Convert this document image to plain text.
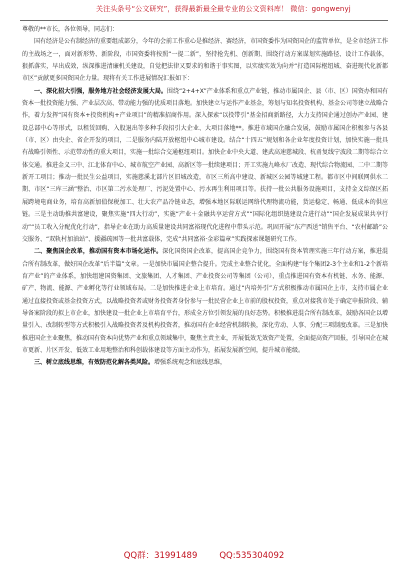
关注头条号“公文研究”，获得最新最全最专业的公文资料库！ 微信：gongwenyj

尊敬的**市长，各位领导，同志们：

国有经济是公有制经济的重要组成部分，今年的会前工作重心是推经济、赛经济，市国资委作为国资国企的监管单位，是全市经济工作的主战场之一，面对新形势、新阶段，市国资委将按照“一提二新”，坚持抢先机、创新期、围绕行动方案谋划实施路径、设计工作载体，狠抓落实，早出成效，纵深推进清廉机关建设，自觉把法律又要求的和谐于事实图，以实绩实效为向并“打造国际枢纽城、奋进现代化新都市区”贡献更多国资国企力量。现将有关工作进展情况汇报如下：

一、深化招大引强，服务地方社会经济发展大局。围绕“2+4+X”产业体系和重点产业链，推动市属国企、县（市、区）国资办和国有资本一批投资能力强、产业层次高、带动能力强的优质项目落地。加快建立与运作产业基金，筹划与知名投资机构、基金公司等建立战略合作，着力发挥“国有资本+投资机构+产业项目”的精准招商作用。深入探索“以投带引”基金招商新路径，大力支持国企通过创办产业园、建设总部中心等形式，以租赁回购、入股退出等多种手段招引大企业、大项目落地**。推进市域国企融合发展，鼓励市属国企积极参与各县（市、区）由央企、省企开发的项目，二是服务内陆开放枢纽中心城市建设。结合“十四五”规划和各企业年度投资计划，加快实施一批具有战略引领性、示范带动性的重大项目，实施一批综合交通枢纽项目。加快企业中央大道、建武高速慈城段、杭甬复线宁波段二期等综合立体交通。推进金义三中、江北体育中心、城市航空产业园、高新区等一批续建项目；开工实施九峰水厂改造、现代综合物流园、二中二期等新开工项目；推动一批民生公益项目，实施慈溪北部片区旧城改造，市区三所高中建设、新城区公园等城建工程。都市区中间联网供水二期、市区“三库三涵”整治、市区第二污水处理厂、污泥处置中心、污水再生利用项目等。扶持一批公共服务设施项目，支持金义综保区拓展跨境电商业务，培育高新加值保税加工、壮大农产品冷链业态，增强本地区际联运网络代理物流功能，货运稳定、畅通、低成本的供应链。三是主动助推共富建设，聚焦实施“四大行动”，实施“产业＋金融共享运营方式”“国际化组织链建设合进行动”“国企发展成果共享行动”“员工收入分配优化行动”，指导企业在助力高质量建设共同富裕现代化进程中带头示范。巩固开展“东产西送”销售平台、“农村邮路”公交服务、“双轨村加油站”、援疆疏困等一批共富载体，完成“共同富裕·金彩篇章”实践探索课题研究工作。

二、聚焦国企改革，推动国有资本市场化运作。深化国资国企改革，提高国企竞争力，围绕国有资本管理实施三年行动方案，推进混合所有制改革，做好国企改革“后半篇”文章。一是加快市属国企整合提升。完成主业整合优化，全面构建“每个集团2-3个主业和1-2个新培育产业”的产业体系，加快组建国资集团、文旅集团、人才集团、产业投资公司等集团（公司），重点推进国有资本有机链、水务、能源、矿产、物流、能源、产业孵化等行业领域布局。二是加快推进企业上市培育。通过“内培外引”方式积极推动市属国企上市，支持市属企业通过直接投资或基金投资方式，以战略投资者或财务投资者身份参与一批民营企业上市前的股权投资，重点对接我市处于确定申报阶段、辅导备案阶段的拟上市企业，加快建设一批企业上市培育平台，形成全方位引领发展的良好态势。积极推进混合所有制改革，鼓励各国企以增量引入、改制转型等方式积极引入战略投资者及机构投资者，推动国有企业经营机制转换，深化劳动、人事、分配三项制度改革。三是加快推进国企主业聚焦，推动国有资本向优势产业和重点领域集中，聚焦主责主业，开展低效无效资产处置，全面提高资产回报，引导国企在城市更新、片区开发、低效工业用地整治和科创载体建设等方面主动作为，拓展发展新空间，提升城市能级。

三、树立底线思维，有效防范化解各类风险。增强系统观念和底线思维，

QQ群：31991489	QQ:535304092
